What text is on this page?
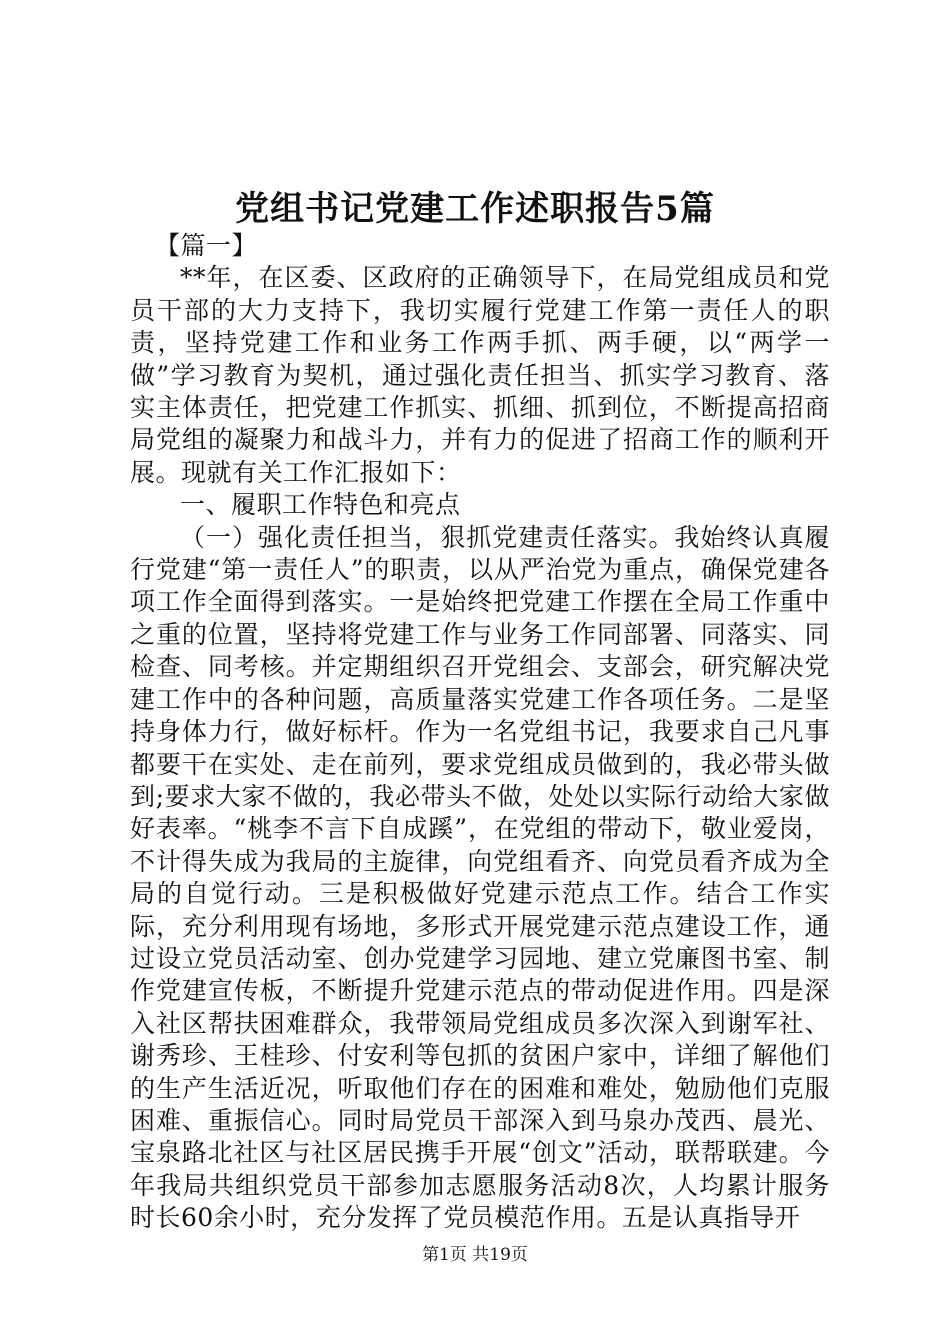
党组书记党建工作述职报告5篇

【篇一】

**年，在区委、区政府的正确领导下，在局党组成员和党员干部的大力支持下，我切实履行党建工作第一责任人的职责，坚持党建工作和业务工作两手抓、两手硬，以“两学一做”学习教育为契机，通过强化责任担当、抓实学习教育、落实主体责任，把党建工作抓实、抓细、抓到位，不断提高招商局党组的凝聚力和战斗力，并有力的促进了招商工作的顺利开展。现就有关工作汇报如下：

一、履职工作特色和亮点

（一）强化责任担当，狠抓党建责任落实。我始终认真履行党建“第一责任人”的职责，以从严治党为重点，确保党建各项工作全面得到落实。一是始终把党建工作摆在全局工作重中之重的位置，坚持将党建工作与业务工作同部署、同落实、同检查、同考核。并定期组织召开党组会、支部会，研究解决党建工作中的各种问题，高质量落实党建工作各项任务。二是坚持身体力行，做好标杆。作为一名党组书记，我要求自己凡事都要干在实处、走在前列，要求党组成员做到的，我必带头做到;要求大家不做的，我必带头不做，处处以实际行动给大家做好表率。“桃李不言下自成蹊”，在党组的带动下，敬业爱岗，不计得失成为我局的主旋律，向党组看齐、向党员看齐成为全局的自觉行动。三是积极做好党建示范点工作。结合工作实际，充分利用现有场地，多形式开展党建示范点建设工作，通过设立党员活动室、创办党建学习园地、建立党廉图书室、制作党建宣传板，不断提升党建示范点的带动促进作用。四是深入社区帮扶困难群众，我带领局党组成员多次深入到谢军社、谢秀珍、王桂珍、付安利等包抓的贫困户家中，详细了解他们的生产生活近况，听取他们存在的困难和难处，勉励他们克服困难、重振信心。同时局党员干部深入到马泉办茂西、晨光、宝泉路北社区与社区居民携手开展“创文”活动，联帮联建。今年我局共组织党员干部参加志愿服务活动8次，人均累计服务时长60余小时，充分发挥了党员模范作用。五是认真指导开

第1页 共19页
